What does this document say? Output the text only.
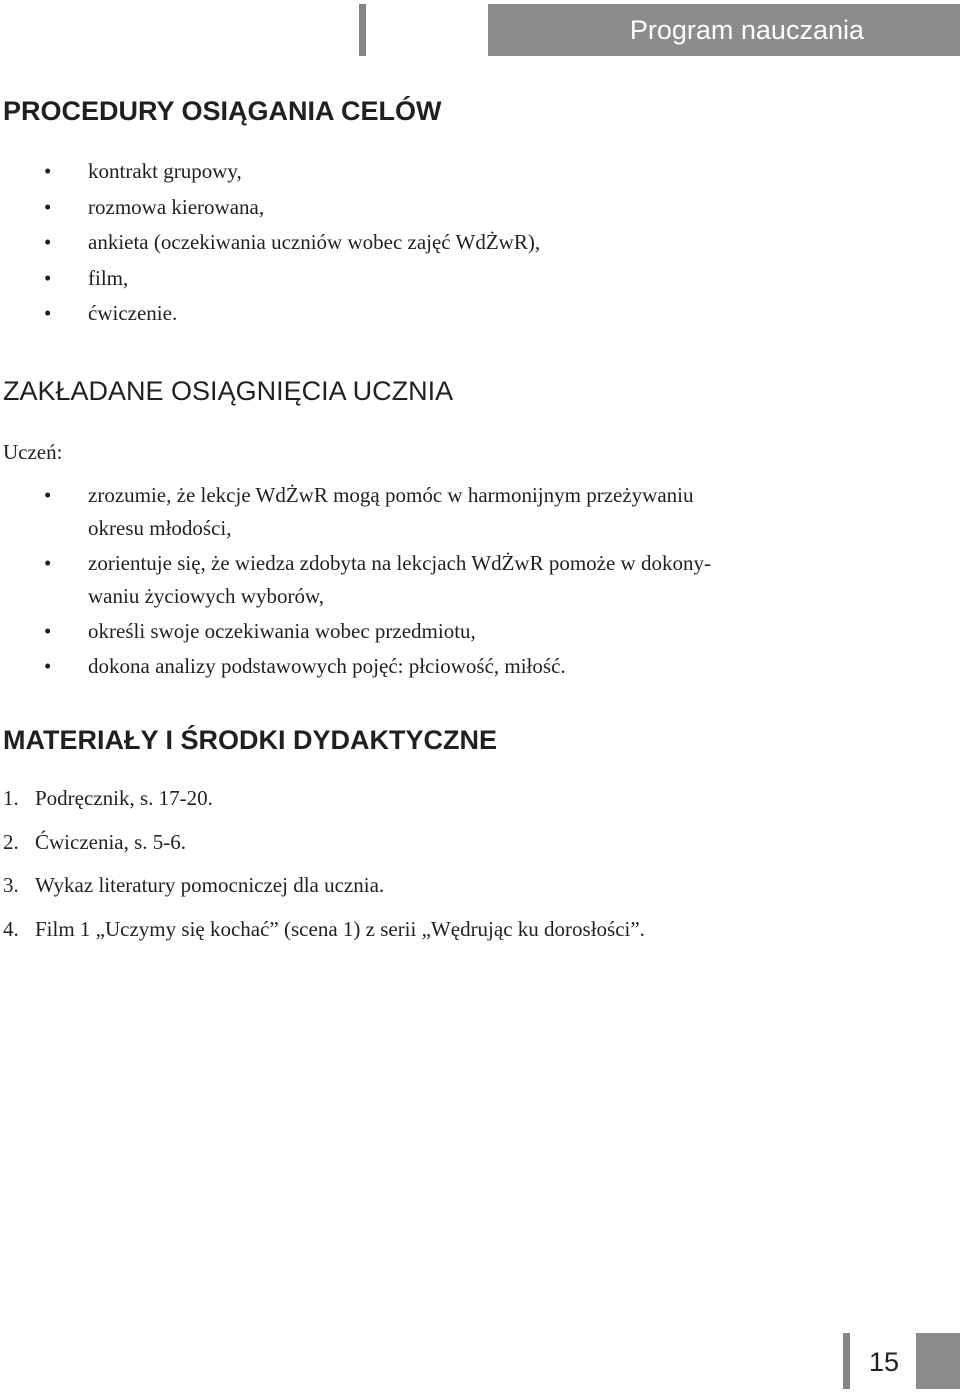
Program nauczania
PROCEDURY OSIĄGANIA CELÓW
• kontrakt grupowy,
• rozmowa kierowana,
• ankieta (oczekiwania uczniów wobec zajęć WdŻwR),
• film,
• ćwiczenie.
ZAKŁADANE OSIĄGNIĘCIA UCZNIA
Uczeń:
• zrozumie, że lekcje WdŻwR mogą pomóc w harmonijnym przeżywaniu
okresu młodości,
• zorientuje się, że wiedza zdobyta na lekcjach WdŻwR pomoże w dokony-
waniu życiowych wyborów,
• określi swoje oczekiwania wobec przedmiotu,
• dokona analizy podstawowych pojęć: płciowość, miłość.
MATERIAŁY I ŚRODKI DYDAKTYCZNE
1. Podręcznik, s. 17-20.
2. Ćwiczenia, s. 5-6.
3. Wykaz literatury pomocniczej dla ucznia.
4. Film 1 „Uczymy się kochać” (scena 1) z serii „Wędrując ku dorosłości”.
15
